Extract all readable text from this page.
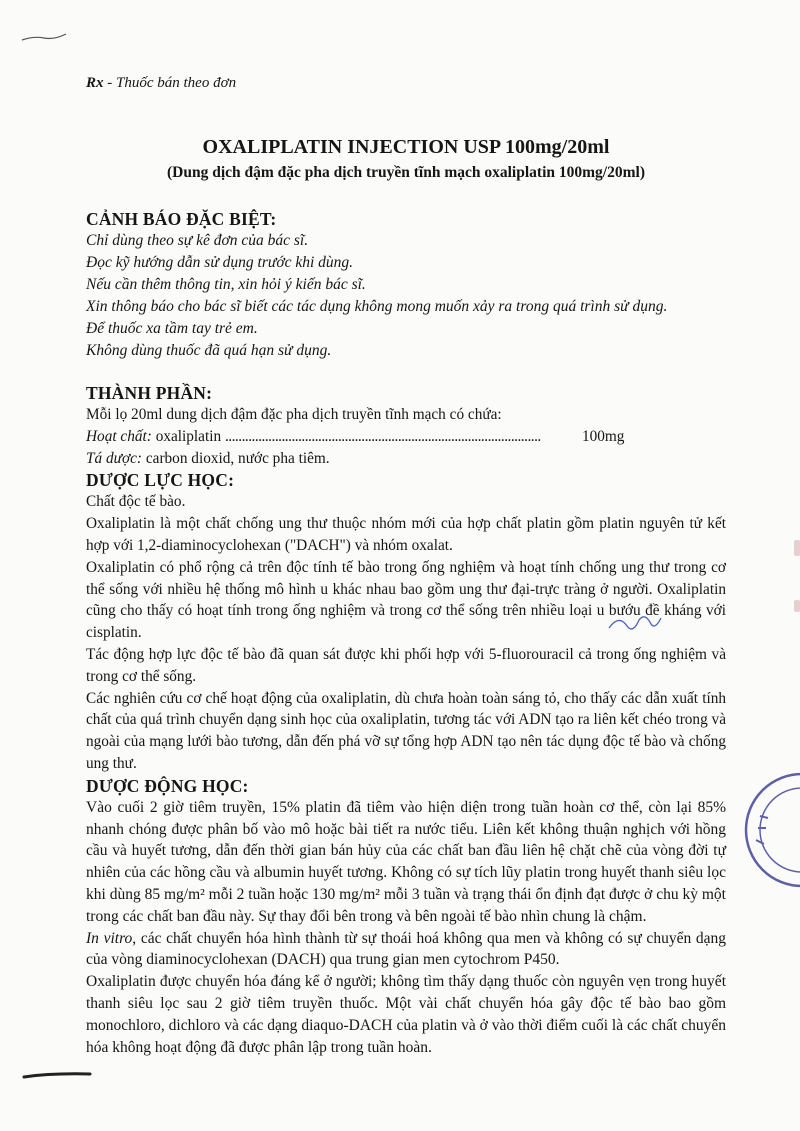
Rx - Thuốc bán theo đơn
OXALIPLATIN INJECTION USP 100mg/20ml
(Dung dịch đậm đặc pha dịch truyền tĩnh mạch oxaliplatin 100mg/20ml)
CẢNH BÁO ĐẶC BIỆT:
Chỉ dùng theo sự kê đơn của bác sĩ.
Đọc kỹ hướng dẫn sử dụng trước khi dùng.
Nếu cần thêm thông tin, xin hỏi ý kiến bác sĩ.
Xin thông báo cho bác sĩ biết các tác dụng không mong muốn xảy ra trong quá trình sử dụng.
Để thuốc xa tầm tay trẻ em.
Không dùng thuốc đã quá hạn sử dụng.
THÀNH PHẦN:
Mỗi lọ 20ml dung dịch đậm đặc pha dịch truyền tĩnh mạch có chứa:
Hoạt chất:
oxaliplatin
...............................................................................................	100mg
Tá dược: carbon dioxid, nước pha tiêm.
DƯỢC LỰC HỌC:
Chất độc tế bào.
Oxaliplatin là một chất chống ung thư thuộc nhóm mới của hợp chất platin gồm platin nguyên tử kết hợp với 1,2-diaminocyclohexan ("DACH") và nhóm oxalat.
Oxaliplatin có phổ rộng cả trên độc tính tế bào trong ống nghiệm và hoạt tính chống ung thư trong cơ thể sống với nhiều hệ thống mô hình u khác nhau bao gồm ung thư đại-trực tràng ở người. Oxaliplatin cũng cho thấy có hoạt tính trong ống nghiệm và trong cơ thể sống trên nhiều loại u bướu đề kháng với cisplatin.
Tác động hợp lực độc tế bào đã quan sát được khi phối hợp với 5-fluorouracil cả trong ống nghiệm và trong cơ thể sống.
Các nghiên cứu cơ chế hoạt động của oxaliplatin, dù chưa hoàn toàn sáng tỏ, cho thấy các dẫn xuất tính chất của quá trình chuyển dạng sinh học của oxaliplatin, tương tác với ADN tạo ra liên kết chéo trong và ngoài của mạng lưới bào tương, dẫn đến phá vỡ sự tổng hợp ADN tạo nên tác dụng độc tế bào và chống ung thư.
DƯỢC ĐỘNG HỌC:
Vào cuối 2 giờ tiêm truyền, 15% platin đã tiêm vào hiện diện trong tuần hoàn cơ thể, còn lại 85% nhanh chóng được phân bố vào mô hoặc bài tiết ra nước tiểu. Liên kết không thuận nghịch với hồng cầu và huyết tương, dẫn đến thời gian bán hủy của các chất ban đầu liên hệ chặt chẽ của vòng đời tự nhiên của các hồng cầu và albumin huyết tương. Không có sự tích lũy platin trong huyết thanh siêu lọc khi dùng 85 mg/m² mỗi 2 tuần hoặc 130 mg/m² mỗi 3 tuần và trạng thái ổn định đạt được ở chu kỳ một trong các chất ban đầu này. Sự thay đổi bên trong và bên ngoài tế bào nhìn chung là chậm.
In vitro, các chất chuyển hóa hình thành từ sự thoái hoá không qua men và không có sự chuyển dạng của vòng diaminocyclohexan (DACH) qua trung gian men cytochrom P450.
Oxaliplatin được chuyển hóa đáng kể ở người; không tìm thấy dạng thuốc còn nguyên vẹn trong huyết thanh siêu lọc sau 2 giờ tiêm truyền thuốc. Một vài chất chuyển hóa gây độc tế bào bao gồm monochloro, dichloro và các dạng diaquo-DACH của platin và ở vào thời điểm cuối là các chất chuyển hóa không hoạt động đã được phân lập trong tuần hoàn.
